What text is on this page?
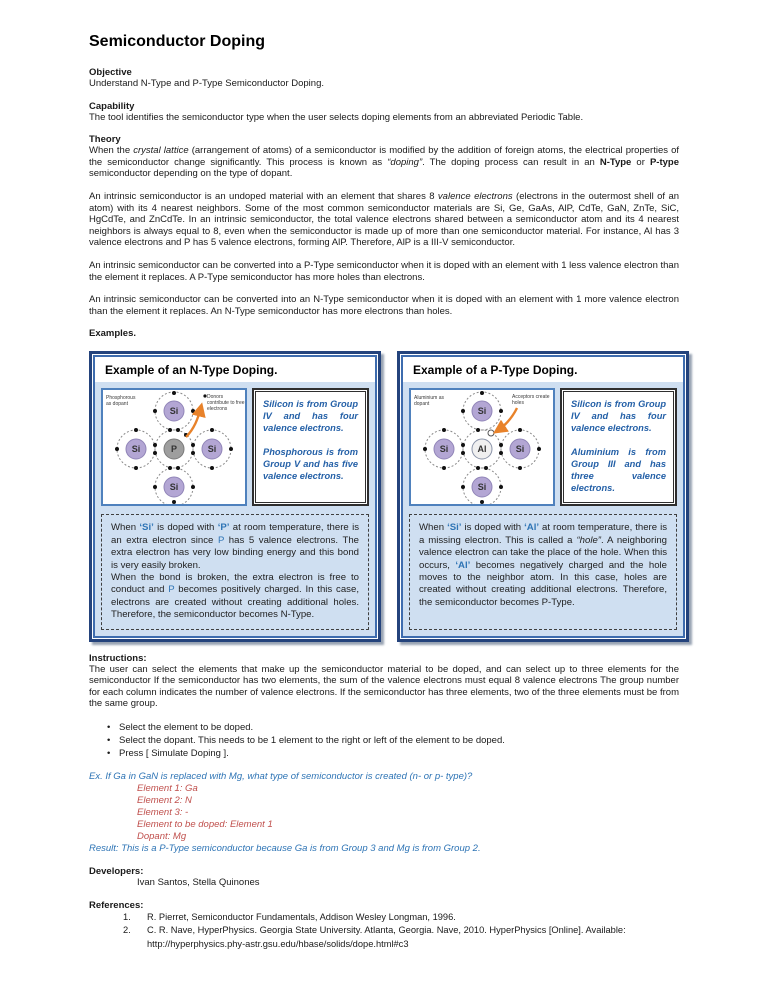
Semiconductor Doping
Objective
Understand N-Type and P-Type Semiconductor Doping.
Capability
The tool identifies the semiconductor type when the user selects doping elements from an abbreviated Periodic Table.
Theory
When the crystal lattice (arrangement of atoms) of a semiconductor is modified by the addition of foreign atoms, the electrical properties of the semiconductor change significantly. This process is known as “doping”. The doping process can result in an N-Type or P-type semiconductor depending on the type of dopant.
An intrinsic semiconductor is an undoped material with an element that shares 8 valence electrons (electrons in the outermost shell of an atom) with its 4 nearest neighbors. Some of the most common semiconductor materials are Si, Ge, GaAs, AlP, CdTe, GaN, ZnTe, SiC, HgCdTe, and ZnCdTe. In an intrinsic semiconductor, the total valence electrons shared between a semiconductor atom and its 4 nearest neighbors is always equal to 8, even when the semiconductor is made up of more than one semiconductor material. For instance, Al has 3 valence electrons and P has 5 valence electrons, forming AlP. Therefore, AlP is a III-V semiconductor.
An intrinsic semiconductor can be converted into a P-Type semiconductor when it is doped with an element with 1 less valence electron than the element it replaces. A P-Type semiconductor has more holes than electrons.
An intrinsic semiconductor can be converted into an N-Type semiconductor when it is doped with an element with 1 more valence electron than the element it replaces. An N-Type semiconductor has more electrons than holes.
Examples.
Example of an N-Type Doping.
Si
Si	P	Si
Si
Phosphorous as dopant
Donors contribute to free electrons	Silicon is from Group IV and has four valence electrons.

Phosphorous is from Group V and has five valence electrons.

When ‘Si’ is doped with ‘P’ at room temperature, there is an extra electron since P has 5 valence electrons. The extra electron has very low binding energy and this bond is very easily broken.

When the bond is broken, the extra electron is free to conduct and P becomes positively charged. In this case, electrons are created without creating additional holes. Therefore, the semiconductor becomes N-Type.

Example of a P-Type Doping.
Si
Si	Al	Si
Si
Aluminium as dopant
Acceptors create holes	Silicon is from Group IV and has four valence electrons.

Aluminium is from Group III and has three valence electrons.

When ‘Si’ is doped with ‘Al’ at room temperature, there is a missing electron. This is called a “hole”. A neighboring valence electron can take the place of the hole. When this occurs, ‘Al’ becomes negatively charged and the hole moves to the neighbor atom. In this case, holes are created without creating additional electrons. Therefore, the semiconductor becomes P-Type.

Instructions:
The user can select the elements that make up the semiconductor material to be doped, and can select up to three elements for the semiconductor If the semiconductor has two elements, the sum of the valence electrons must equal 8 valence electrons The group number for each column indicates the number of valence electrons. If the semiconductor has three elements, two of the three elements must be from the same group.
• Select the element to be doped.
• Select the dopant. This needs to be 1 element to the right or left of the element to be doped.
• Press [ Simulate Doping ].
Ex. If Ga in GaN is replaced with Mg, what type of semiconductor is created (n- or p- type)?
Element 1: Ga
Element 2: N
Element 3: -
Element to be doped: Element 1
Dopant: Mg
Result: This is a P-Type semiconductor because Ga is from Group 3 and Mg is from Group 2.
Developers:
Ivan Santos, Stella Quinones
References:
1.	R. Pierret, Semiconductor Fundamentals, Addison Wesley Longman, 1996.
2.	C. R. Nave, HyperPhysics. Georgia State University. Atlanta, Georgia. Nave, 2010. HyperPhysics [Online]. Available:
http://hyperphysics.phy-astr.gsu.edu/hbase/solids/dope.html#c3
